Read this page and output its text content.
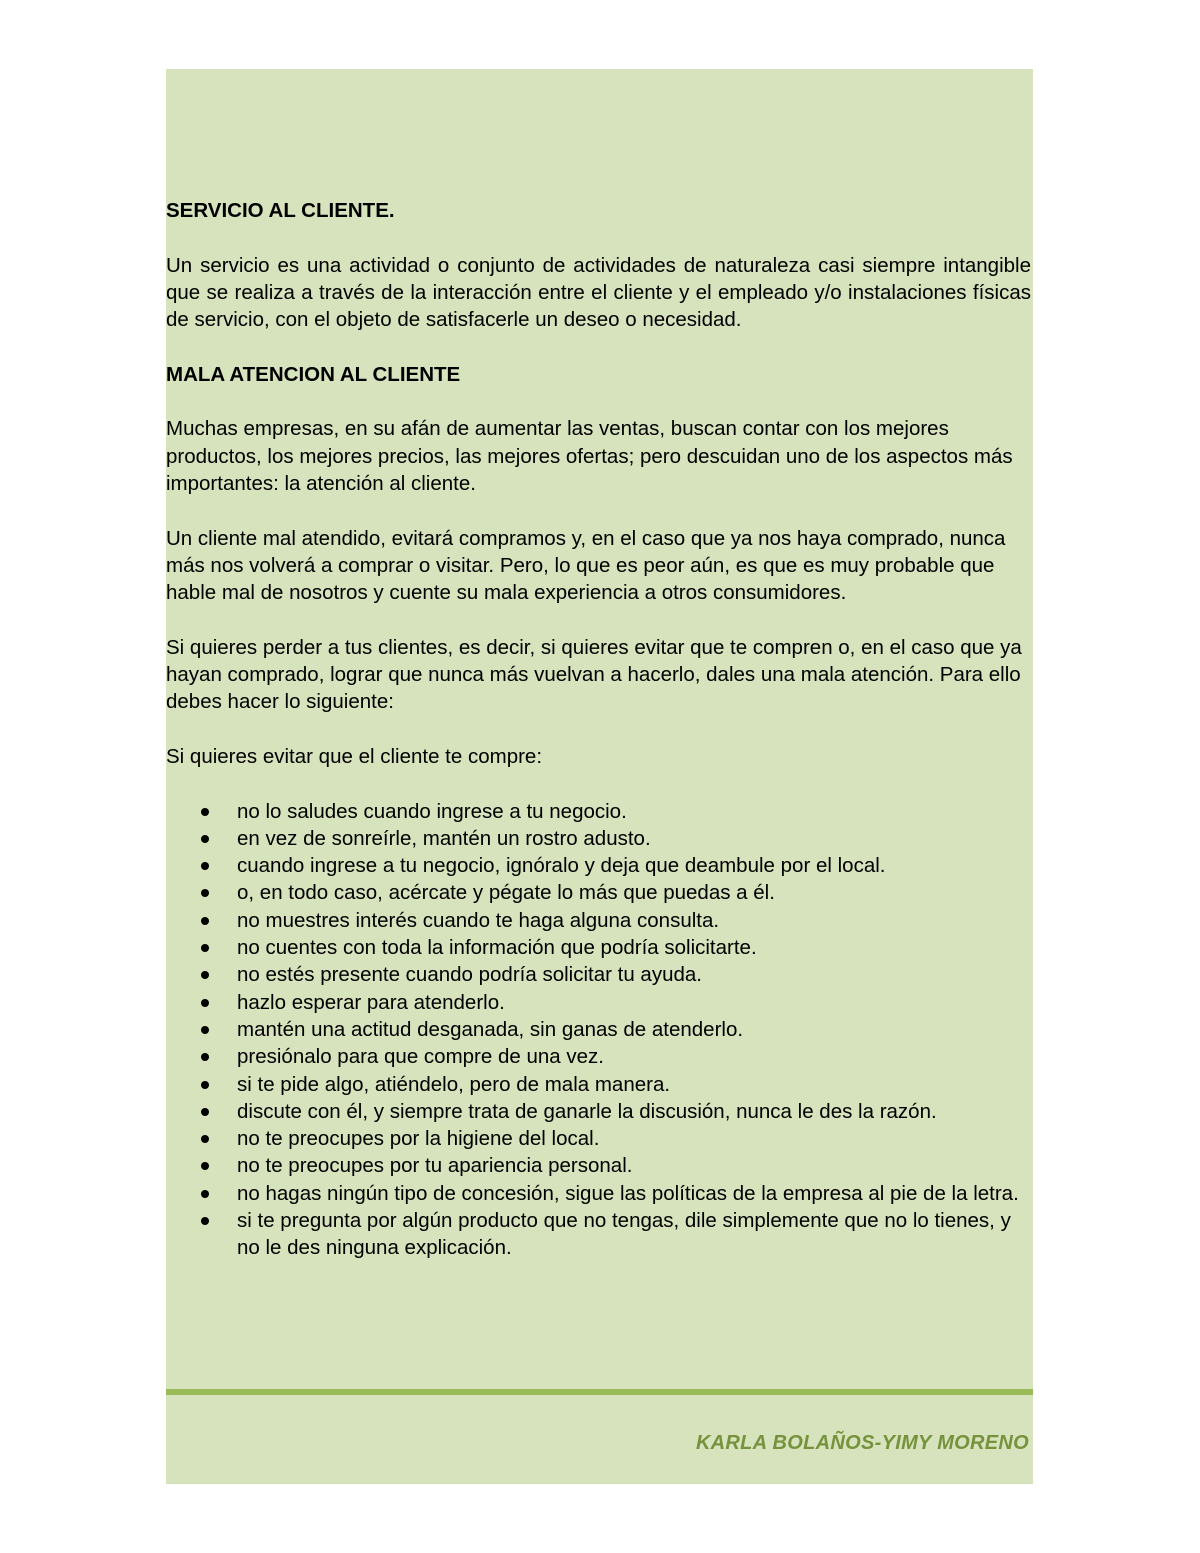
SERVICIO AL CLIENTE.

Un servicio es una actividad o conjunto de actividades de naturaleza casi siempre intangible que se realiza a través de la interacción entre el cliente y el empleado y/o instalaciones físicas de servicio, con el objeto de satisfacerle un deseo o necesidad.

MALA ATENCION AL CLIENTE

Muchas empresas, en su afán de aumentar las ventas, buscan contar con los mejores productos, los mejores precios, las mejores ofertas; pero descuidan uno de los aspectos más importantes: la atención al cliente.

Un cliente mal atendido, evitará compramos y, en el caso que ya nos haya comprado, nunca más nos volverá a comprar o visitar. Pero, lo que es peor aún, es que es muy probable que hable mal de nosotros y cuente su mala experiencia a otros consumidores.

Si quieres perder a tus clientes, es decir, si quieres evitar que te compren o, en el caso que ya hayan comprado, lograr que nunca más vuelvan a hacerlo, dales una mala atención. Para ello debes hacer lo siguiente:

Si quieres evitar que el cliente te compre:

no lo saludes cuando ingrese a tu negocio.
en vez de sonreírle, mantén un rostro adusto.
cuando ingrese a tu negocio, ignóralo y deja que deambule por el local.
o, en todo caso, acércate y pégate lo más que puedas a él.
no muestres interés cuando te haga alguna consulta.
no cuentes con toda la información que podría solicitarte.
no estés presente cuando podría solicitar tu ayuda.
hazlo esperar para atenderlo.
mantén una actitud desganada, sin ganas de atenderlo.
presiónalo para que compre de una vez.
si te pide algo, atiéndelo, pero de mala manera.
discute con él, y siempre trata de ganarle la discusión, nunca le des la razón.
no te preocupes por la higiene del local.
no te preocupes por tu apariencia personal.
no hagas ningún tipo de concesión, sigue las políticas de la empresa al pie de la letra.
si te pregunta por algún producto que no tengas, dile simplemente que no lo tienes, y no le des ninguna explicación.
KARLA BOLAÑOS-YIMY MORENO
